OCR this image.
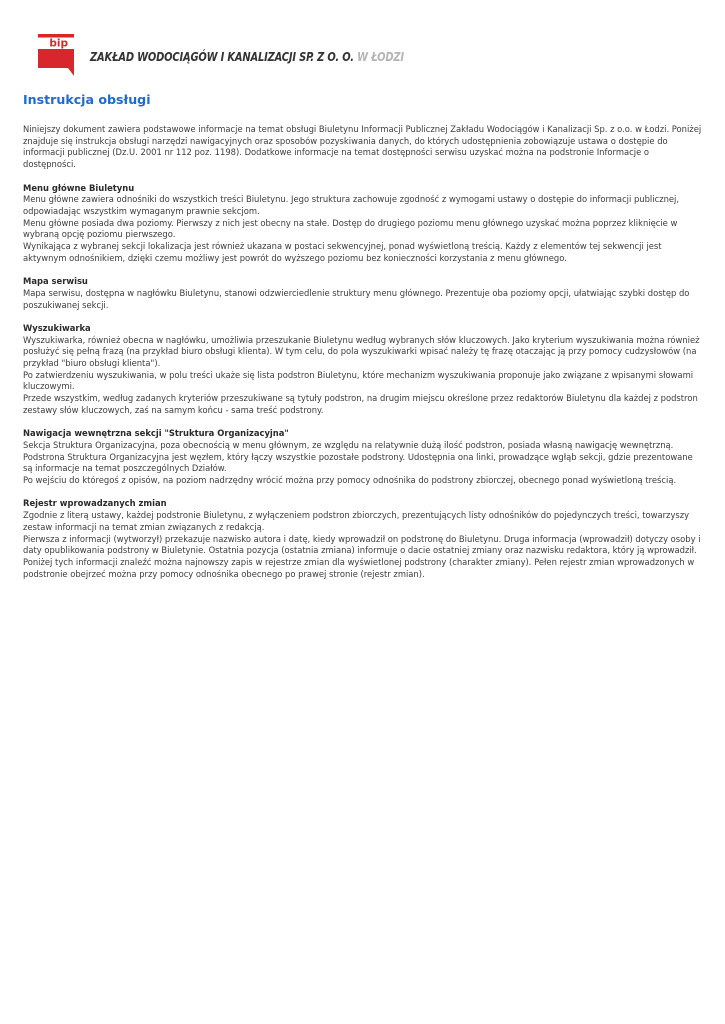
bip
ZAKŁAD WODOCIĄGÓW I KANALIZACJI SP. Z O. O. W ŁODZI
Instrukcja obsługi

Niniejszy dokument zawiera podstawowe informacje na temat obsługi Biuletynu Informacji Publicznej Zakładu Wodociągów i Kanalizacji Sp. z o.o. w Łodzi. Poniżej znajduje się instrukcja obsługi narzędzi nawigacyjnych oraz sposobów pozyskiwania danych, do których udostępnienia zobowiązuje ustawa o dostępie do informacji publicznej (Dz.U. 2001 nr 112 poz. 1198). Dodatkowe informacje na temat dostępności serwisu uzyskać można na podstronie Informacje o dostępności.

Menu główne Biuletynu

Menu główne zawiera odnośniki do wszystkich treści Biuletynu. Jego struktura zachowuje zgodność z wymogami ustawy o dostępie do informacji publicznej, odpowiadając wszystkim wymaganym prawnie sekcjom.

Menu główne posiada dwa poziomy. Pierwszy z nich jest obecny na stałe. Dostęp do drugiego poziomu menu głównego uzyskać można poprzez kliknięcie w wybraną opcję poziomu pierwszego.

Wynikająca z wybranej sekcji lokalizacja jest również ukazana w postaci sekwencyjnej, ponad wyświetloną treścią. Każdy z elementów tej sekwencji jest aktywnym odnośnikiem, dzięki czemu możliwy jest powrót do wyższego poziomu bez konieczności korzystania z menu głównego.

Mapa serwisu

Mapa serwisu, dostępna w nagłówku Biuletynu, stanowi odzwierciedlenie struktury menu głównego. Prezentuje oba poziomy opcji, ułatwiając szybki dostęp do poszukiwanej sekcji.

Wyszukiwarka

Wyszukiwarka, również obecna w nagłówku, umożliwia przeszukanie Biuletynu według wybranych słów kluczowych. Jako kryterium wyszukiwania można również posłużyć się pełną frazą (na przykład biuro obsługi klienta). W tym celu, do pola wyszukiwarki wpisać należy tę frazę otaczając ją przy pomocy cudzysłowów (na przykład "biuro obsługi klienta").

Po zatwierdzeniu wyszukiwania, w polu treści ukaże się lista podstron Biuletynu, które mechanizm wyszukiwania proponuje jako związane z wpisanymi słowami kluczowymi.

Przede wszystkim, według zadanych kryteriów przeszukiwane są tytuły podstron, na drugim miejscu określone przez redaktorów Biuletynu dla każdej z podstron zestawy słów kluczowych, zaś na samym końcu - sama treść podstrony.

Nawigacja wewnętrzna sekcji "Struktura Organizacyjna"

Sekcja Struktura Organizacyjna, poza obecnością w menu głównym, ze względu na relatywnie dużą ilość podstron, posiada własną nawigację wewnętrzną.

Podstrona Struktura Organizacyjna jest węzłem, który łączy wszystkie pozostałe podstrony. Udostępnia ona linki, prowadzące wgłąb sekcji, gdzie prezentowane są informacje na temat poszczególnych Działów.

Po wejściu do któregoś z opisów, na poziom nadrzędny wrócić można przy pomocy odnośnika do podstrony zbiorczej, obecnego ponad wyświetloną treścią.

Rejestr wprowadzanych zmian

Zgodnie z literą ustawy, każdej podstronie Biuletynu, z wyłączeniem podstron zbiorczych, prezentujących listy odnośników do pojedynczych treści, towarzyszy zestaw informacji na temat zmian związanych z redakcją.

Pierwsza z informacji (wytworzył) przekazuje nazwisko autora i datę, kiedy wprowadził on podstronę do Biuletynu. Druga informacja (wprowadził) dotyczy osoby i daty opublikowania podstrony w Biuletynie. Ostatnia pozycja (ostatnia zmiana) informuje o dacie ostatniej zmiany oraz nazwisku redaktora, który ją wprowadził.

Poniżej tych informacji znaleźć można najnowszy zapis w rejestrze zmian dla wyświetlonej podstrony (charakter zmiany). Pełen rejestr zmian wprowadzonych w podstronie obejrzeć można przy pomocy odnośnika obecnego po prawej stronie (rejestr zmian).
